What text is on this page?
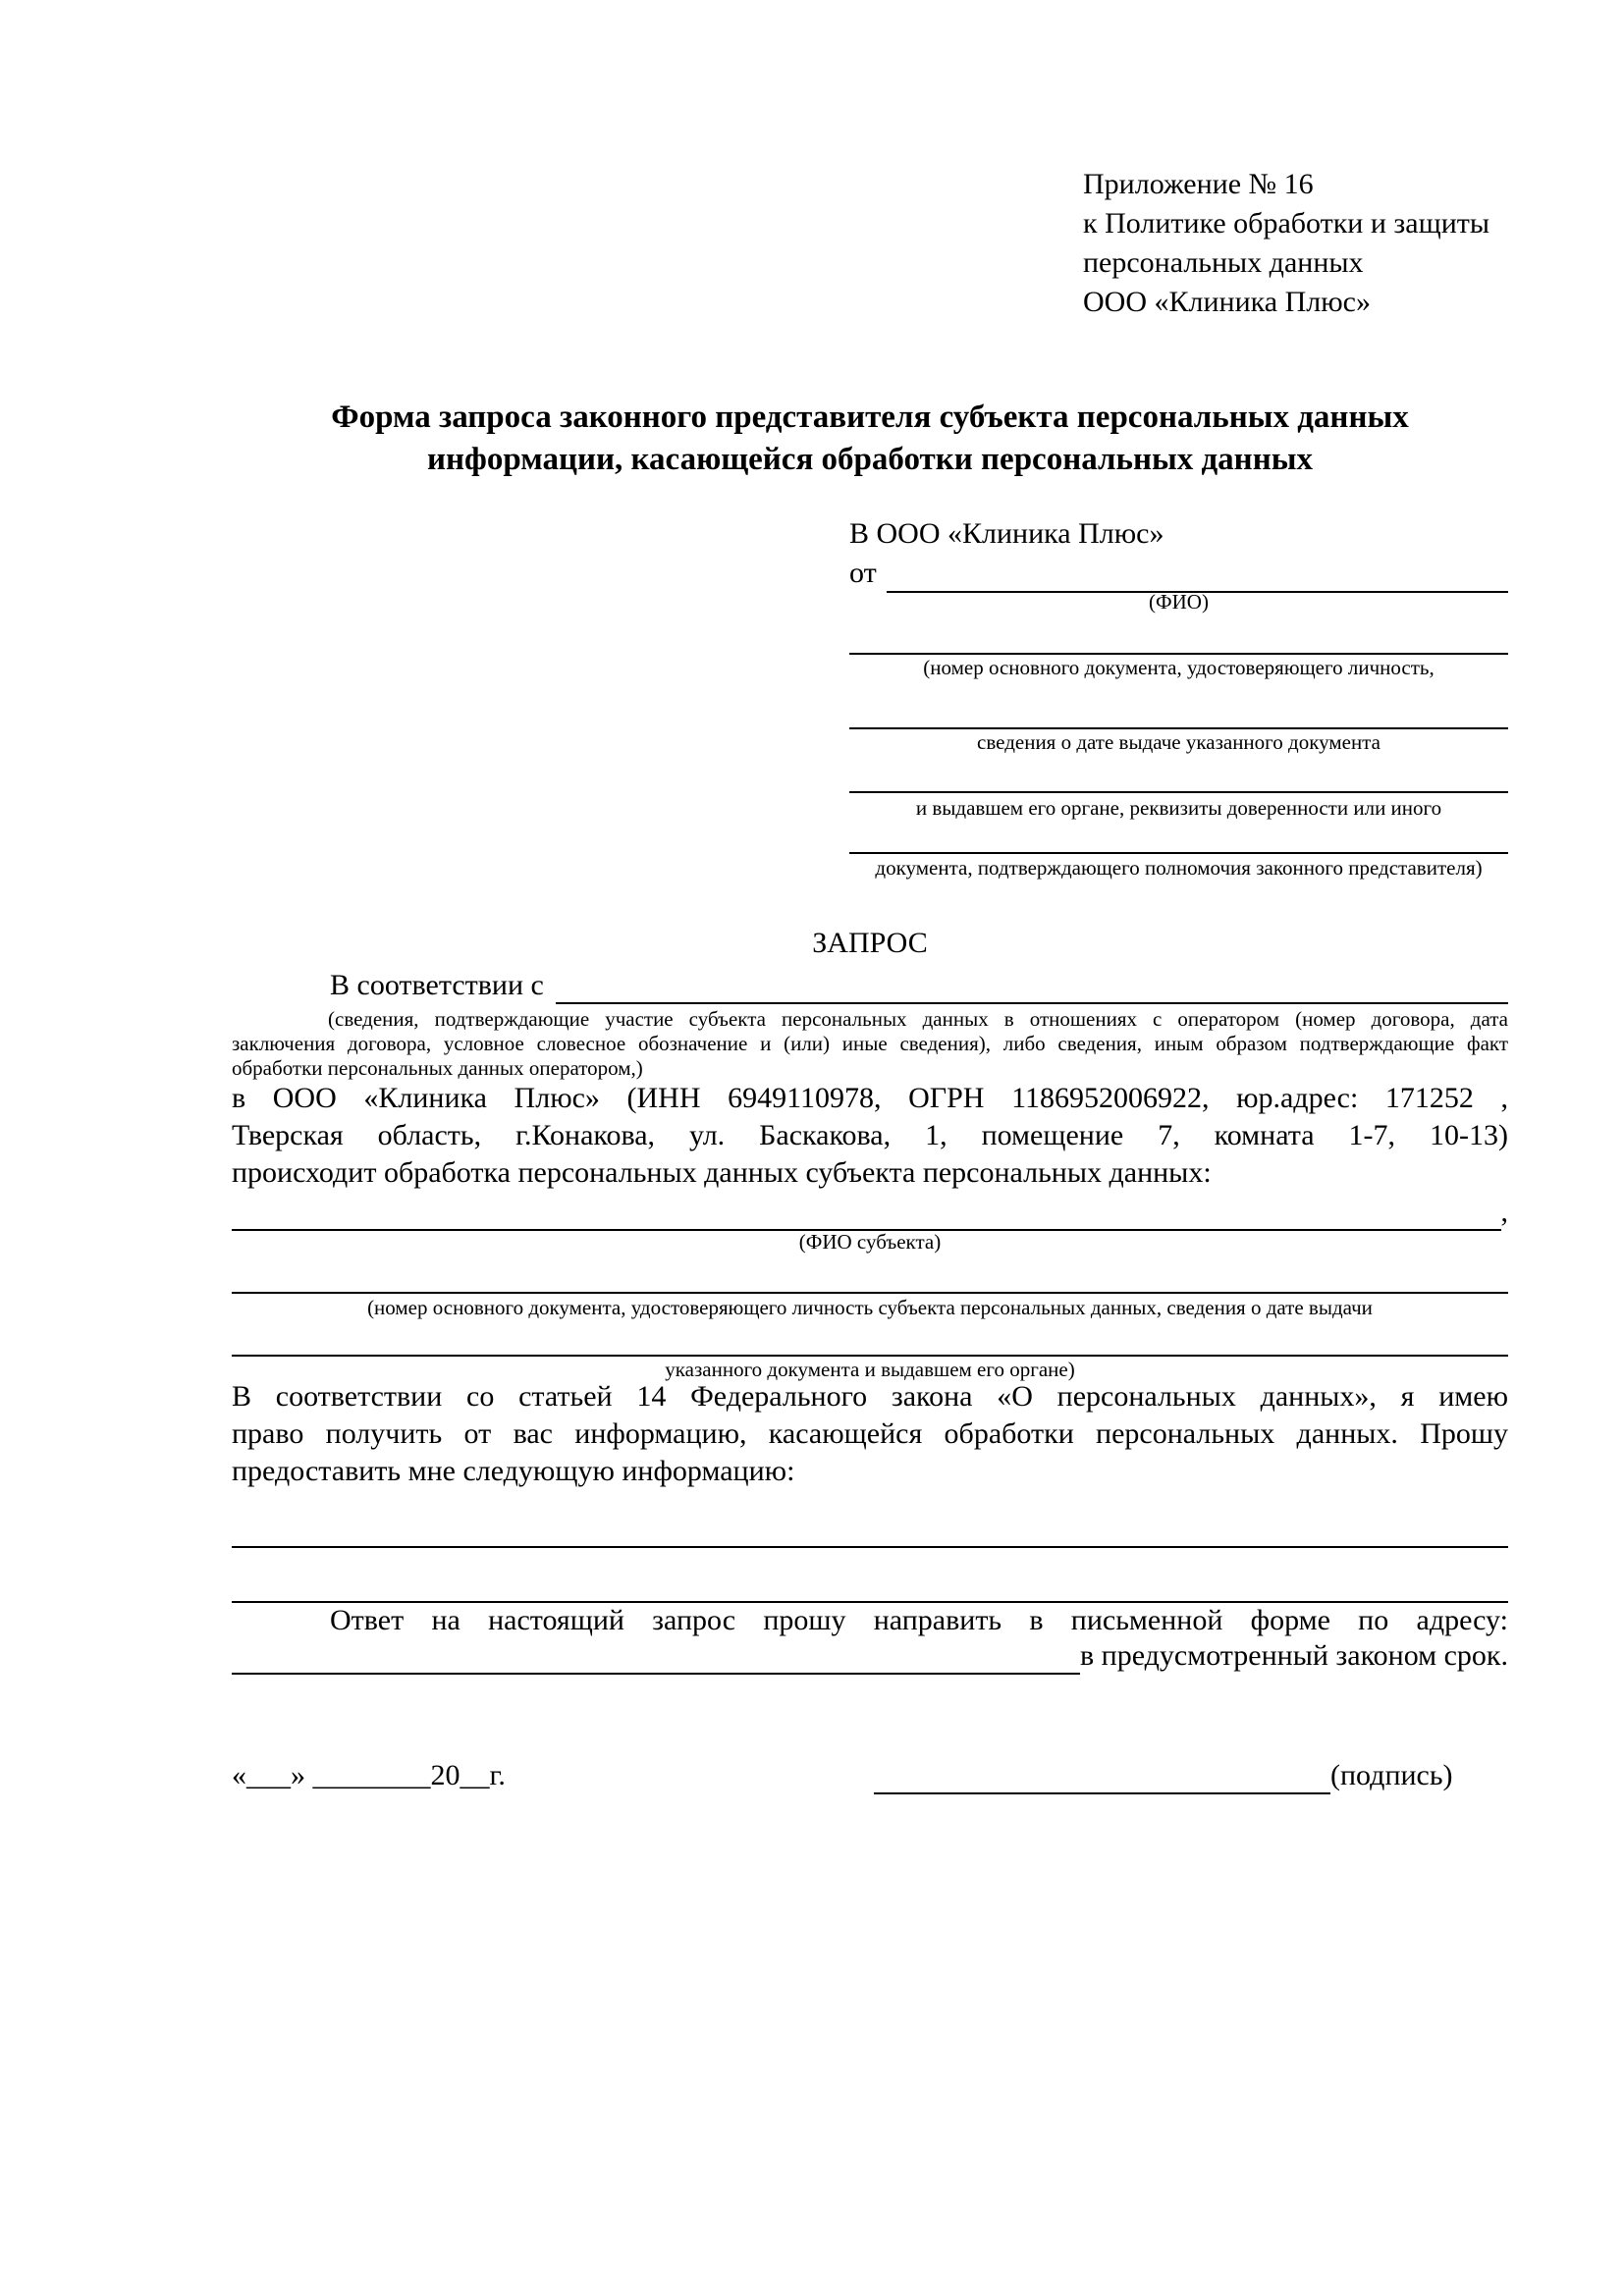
Приложение № 16
к Политике обработки и защиты
персональных данных
ООО «Клиника Плюс»
Форма запроса законного представителя субъекта персональных данных
информации, касающейся обработки персональных данных
В ООО «Клиника Плюс»
от
(ФИО)
(номер основного документа, удостоверяющего личность,
сведения о дате выдаче указанного документа
и выдавшем его органе, реквизиты доверенности или иного
документа, подтверждающего полномочия законного представителя)
ЗАПРОС
В соответствии с
(сведения, подтверждающие участие субъекта персональных данных в отношениях с оператором (номер договора, дата
заключения договора, условное словесное обозначение и (или) иные сведения), либо сведения, иным образом подтверждающие факт
обработки персональных данных оператором,)
в ООО «Клиника Плюс» (ИНН 6949110978, ОГРН 1186952006922, юр.адрес: 171252 ,
Тверская область, г.Конакова, ул. Баскакова, 1, помещение 7, комната 1-7, 10-13)
происходит обработка персональных данных субъекта персональных данных:
,
(ФИО субъекта)
(номер основного документа, удостоверяющего личность субъекта персональных данных, сведения о дате выдачи
указанного документа и выдавшем его органе)
В соответствии со статьей 14 Федерального закона «О персональных данных», я имею
право получить от вас информацию, касающейся обработки персональных данных. Прошу
предоставить мне следующую информацию:
Ответ на настоящий запрос прошу направить в письменной форме по адресу:
в предусмотренный законом срок.
«___» ________20__г.	(подпись)
